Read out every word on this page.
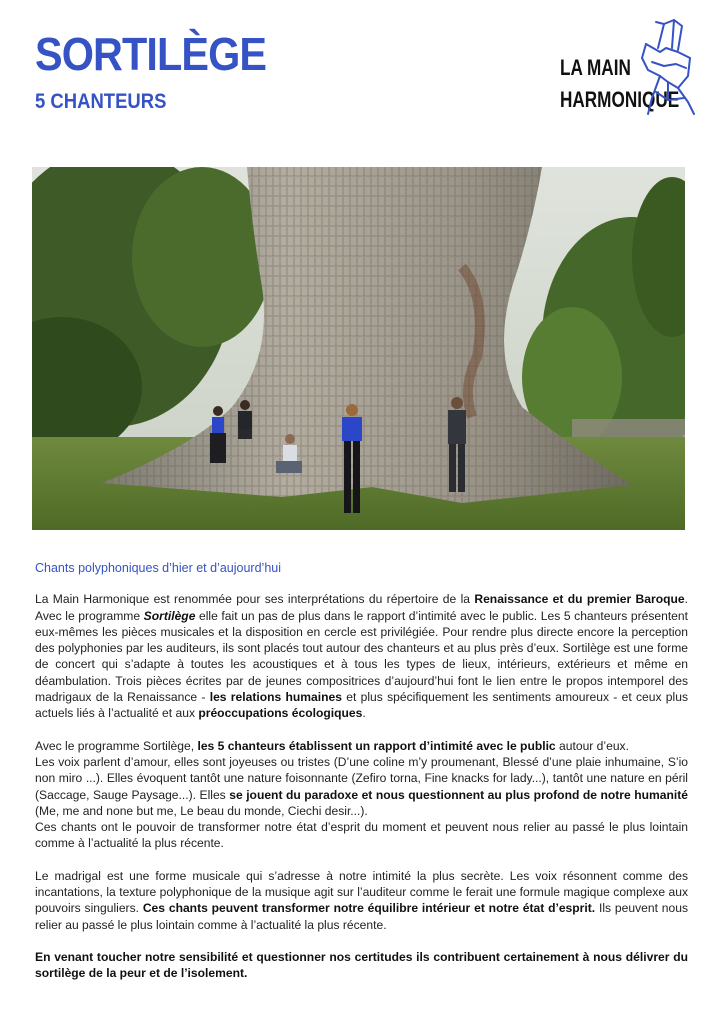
SORTILÈGE
5 CHANTEURS
LA MAIN
HARMONIQUE
Chants polyphoniques d’hier et d’aujourd’hui

La Main Harmonique est renommée pour ses interprétations du répertoire de la Renaissance et du premier Baroque. Avec le programme Sortilège elle fait un pas de plus dans le rapport d’intimité avec le public. Les 5 chanteurs présentent eux-mêmes les pièces musicales et la disposition en cercle est privilégiée. Pour rendre plus directe encore la perception des polyphonies par les auditeurs, ils sont placés tout autour des chanteurs et au plus près d’eux. Sortilège est une forme de concert qui s’adapte à toutes les acoustiques et à tous les types de lieux, intérieurs, extérieurs et même en déambulation. Trois pièces écrites par de jeunes compositrices d’aujourd’hui font le lien entre le propos intemporel des madrigaux de la Renaissance - les relations humaines et plus spécifiquement les sentiments amoureux - et ceux plus actuels liés à l’actualité et aux préoccupations écologiques.

Avec le programme Sortilège, les 5 chanteurs établissent un rapport d’intimité avec le public autour d’eux.
Les voix parlent d’amour, elles sont joyeuses ou tristes (D’une coline m’y proumenant, Blessé d’une plaie inhumaine, S’io non miro ...). Elles évoquent tantôt une nature foisonnante (Zefiro torna, Fine knacks for lady...), tantôt une nature en péril (Saccage, Sauge Paysage...). Elles se jouent du paradoxe et nous questionnent au plus profond de notre humanité (Me, me and none but me, Le beau du monde, Ciechi desir...).
Ces chants ont le pouvoir de transformer notre état d’esprit du moment et peuvent nous relier au passé le plus lointain comme à l’actualité la plus récente.

Le madrigal est une forme musicale qui s’adresse à notre intimité la plus secrète. Les voix résonnent comme des incantations, la texture polyphonique de la musique agit sur l’auditeur comme le ferait une formule magique complexe aux pouvoirs singuliers. Ces chants peuvent transformer notre équilibre intérieur et notre état d’esprit. Ils peuvent nous relier au passé le plus lointain comme à l’actualité la plus récente.

En venant toucher notre sensibilité et questionner nos certitudes ils contribuent certainement à nous délivrer du sortilège de la peur et de l’isolement.
